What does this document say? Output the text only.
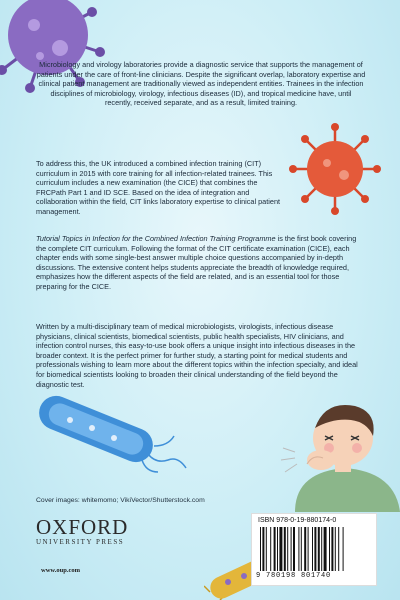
Microbiology and virology laboratories provide a diagnostic service that supports the management of patients under the care of front-line clinicians. Despite the significant overlap, laboratory expertise and clinical patient management are traditionally viewed as independent entities. Trainees in the infection disciplines of microbiology, virology, infectious diseases (ID), and tropical medicine have, until recently, received separate, and as a result, limited training.

To address this, the UK introduced a combined infection training (CIT) curriculum in 2015 with core training for all infection-related trainees. This curriculum includes a new examination (the CICE) that combines the FRCPath Part 1 and ID SCE. Based on the idea of integration and collaboration within the field, CIT links laboratory expertise to clinical patient management.

Tutorial Topics in Infection for the Combined Infection Training Programme is the first book covering the complete CIT curriculum. Following the format of the CIT certificate examination (CICE), each chapter ends with some single-best answer multiple choice questions accompanied by in-depth discussions. The extensive content helps students appreciate the breadth of knowledge required, emphasizes how the different aspects of the field are related, and is an essential tool for those preparing for the CICE.

Written by a multi-disciplinary team of medical microbiologists, virologists, infectious disease physicians, clinical scientists, biomedical scientists, public health specialists, HIV clinicians, and infection control nurses, this easy-to-use book offers a unique insight into infectious diseases in the broader context. It is the perfect primer for further study, a starting point for medical students and professionals wishing to learn more about the different topics within the infection specialty, and ideal for biomedical scientists looking to broaden their clinical understanding of the field beyond the diagnostic test.

Cover images: whitemomo; VikiVector/Shutterstock.com
OXFORD
UNIVERSITY PRESS
www.oup.com
ISBN 978-0-19-880174-0
9 780198 801740
